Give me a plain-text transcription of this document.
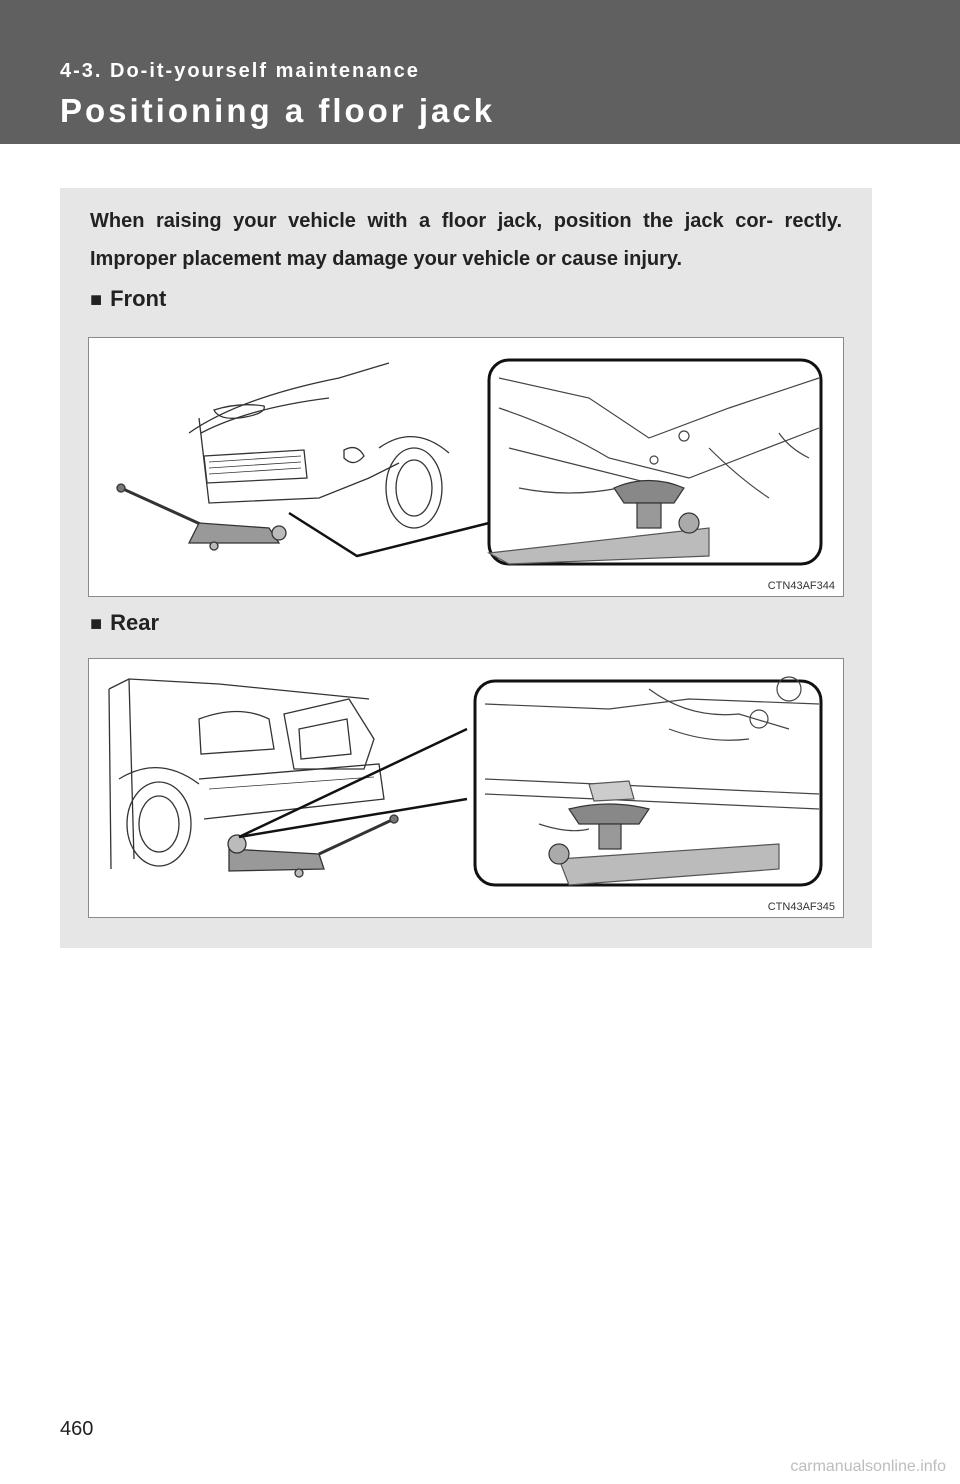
4-3. Do-it-yourself maintenance
Positioning a floor jack
When raising your vehicle with a floor jack, position the jack cor- rectly. Improper placement may damage your vehicle or cause injury.
■ Front
CTN43AF344
■ Rear
CTN43AF345
460
carmanualsonline.info
